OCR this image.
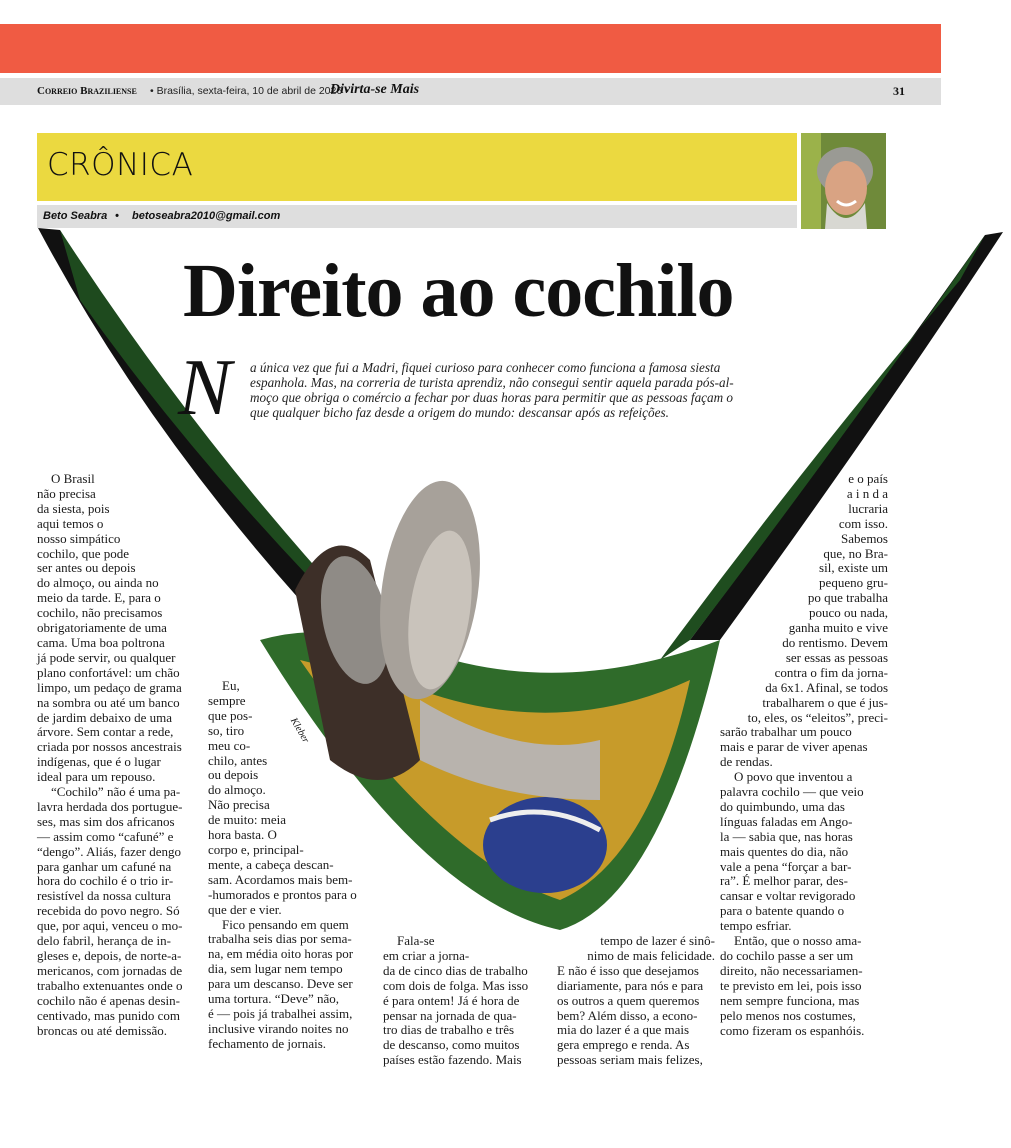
Correio Braziliense • Brasília, sexta-feira, 10 de abril de 2026 •
Divirta-se Mais	31
CRÔNICA
Beto Seabra • betoseabra2010@gmail.com
Kleber
Direito ao cochilo
N a única vez que fui a Madri, fiquei curioso para conhecer como funciona a famosa siesta
espanhola. Mas, na correria de turista aprendiz, não consegui sentir aquela parada pós-al-
moço que obriga o comércio a fechar por duas horas para permitir que as pessoas façam o
que qualquer bicho faz desde a origem do mundo: descansar após as refeições.
O Brasil
não precisa
da siesta, pois
aqui temos o
nosso simpático
cochilo, que pode
ser antes ou depois
do almoço, ou ainda no
meio da tarde. E, para o
cochilo, não precisamos
obrigatoriamente de uma
cama. Uma boa poltrona
já pode servir, ou qualquer
plano confortável: um chão
limpo, um pedaço de grama
na sombra ou até um banco
de jardim debaixo de uma
árvore. Sem contar a rede,
criada por nossos ancestrais
indígenas, que é o lugar
ideal para um repouso.
“Cochilo” não é uma pa-
lavra herdada dos portugue-
ses, mas sim dos africanos
— assim como “cafuné” e
“dengo”. Aliás, fazer dengo
para ganhar um cafuné na
hora do cochilo é o trio ir-
resistível da nossa cultura
recebida do povo negro. Só
que, por aqui, venceu o mo-
delo fabril, herança de in-
gleses e, depois, de norte-a-
mericanos, com jornadas de
trabalho extenuantes onde o
cochilo não é apenas desin-
centivado, mas punido com
broncas ou até demissão.
Eu,
sempre
que pos-
so, tiro
meu co-
chilo, antes
ou depois
do almoço.
Não precisa
de muito: meia
hora basta. O
corpo e, principal-
mente, a cabeça descan-
sam. Acordamos mais bem-
-humorados e prontos para o
que der e vier.
Fico pensando em quem
trabalha seis dias por sema-
na, em média oito horas por
dia, sem lugar nem tempo
para um descanso. Deve ser
uma tortura. “Deve” não,
é — pois já trabalhei assim,
inclusive virando noites no
fechamento de jornais.
Fala-se
em criar a jorna-
da de cinco dias de trabalho
com dois de folga. Mas isso
é para ontem! Já é hora de
pensar na jornada de qua-
tro dias de trabalho e três
de descanso, como muitos
países estão fazendo. Mais
tempo de lazer é sinô-
nimo de mais felicidade.
E não é isso que desejamos
diariamente, para nós e para
os outros a quem queremos
bem? Além disso, a econo-
mia do lazer é a que mais
gera emprego e renda. As
pessoas seriam mais felizes,
e o país
a i n d a
lucraria
com isso.
Sabemos
que, no Bra-
sil, existe um
pequeno gru-
po que trabalha
pouco ou nada,
ganha muito e vive
do rentismo. Devem
ser essas as pessoas
contra o fim da jorna-
da 6x1. Afinal, se todos
trabalharem o que é jus-
to, eles, os “eleitos”, preci-
sarão trabalhar um pouco
mais e parar de viver apenas
de rendas.
O povo que inventou a
palavra cochilo — que veio
do quimbundo, uma das
línguas faladas em Ango-
la — sabia que, nas horas
mais quentes do dia, não
vale a pena “forçar a bar-
ra”. É melhor parar, des-
cansar e voltar revigorado
para o batente quando o
tempo esfriar.
Então, que o nosso ama-
do cochilo passe a ser um
direito, não necessariamen-
te previsto em lei, pois isso
nem sempre funciona, mas
pelo menos nos costumes,
como fizeram os espanhóis.
